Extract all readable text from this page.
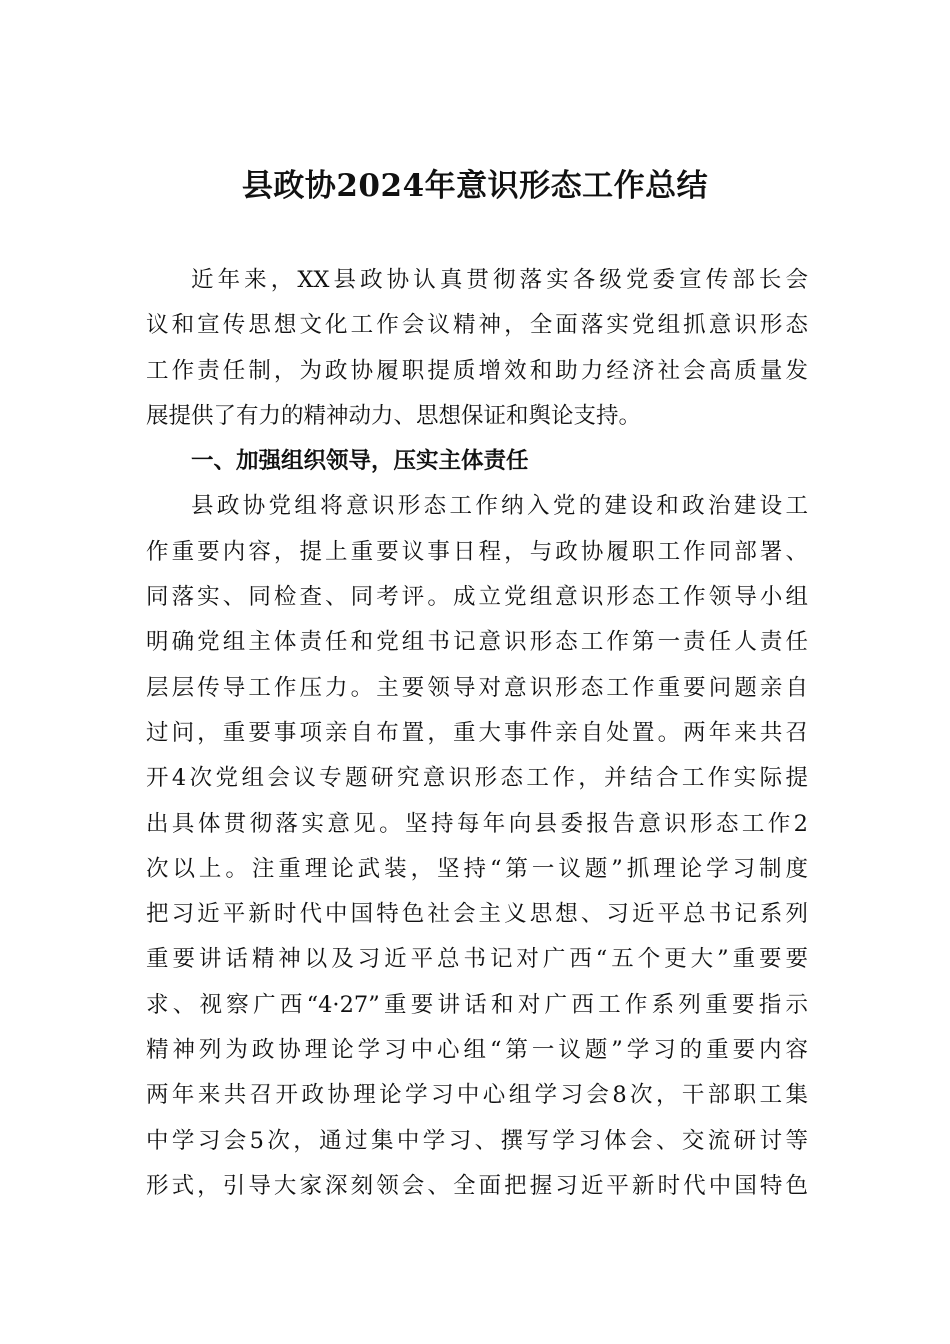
县政协2024年意识形态工作总结
近年来，XX县政协认真贯彻落实各级党委宣传部长会
议和宣传思想文化工作会议精神，全面落实党组抓意识形态
工作责任制，为政协履职提质增效和助力经济社会高质量发
展提供了有力的精神动力、思想保证和舆论支持。
一、加强组织领导，压实主体责任
县政协党组将意识形态工作纳入党的建设和政治建设工
作重要内容，提上重要议事日程，与政协履职工作同部署、
同落实、同检查、同考评。成立党组意识形态工作领导小组
明确党组主体责任和党组书记意识形态工作第一责任人责任
层层传导工作压力。主要领导对意识形态工作重要问题亲自
过问，重要事项亲自布置，重大事件亲自处置。两年来共召
开4次党组会议专题研究意识形态工作，并结合工作实际提
出具体贯彻落实意见。坚持每年向县委报告意识形态工作2
次以上。注重理论武装，坚持“第一议题”抓理论学习制度
把习近平新时代中国特色社会主义思想、习近平总书记系列
重要讲话精神以及习近平总书记对广西“五个更大”重要要
求、视察广西“4·27”重要讲话和对广西工作系列重要指示
精神列为政协理论学习中心组“第一议题”学习的重要内容
两年来共召开政协理论学习中心组学习会8次，干部职工集
中学习会5次，通过集中学习、撰写学习体会、交流研讨等
形式，引导大家深刻领会、全面把握习近平新时代中国特色
